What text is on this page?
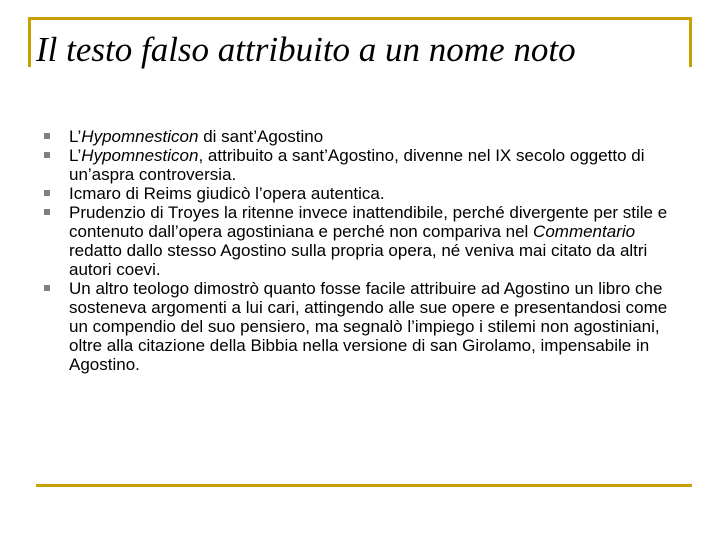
Il testo falso attribuito a un nome noto
L’Hypomnesticon di sant’Agostino
L’Hypomnesticon, attribuito a sant’Agostino, divenne nel IX secolo oggetto di un’aspra controversia.
Icmaro di Reims giudicò l’opera autentica.
Prudenzio di Troyes la ritenne invece inattendibile, perché divergente per stile e contenuto dall’opera agostiniana e perché non compariva nel Commentario redatto dallo stesso Agostino sulla propria opera, né veniva mai citato da altri autori coevi.
Un altro teologo dimostrò quanto fosse facile attribuire ad Agostino un libro che sosteneva argomenti a lui cari, attingendo alle sue opere e presentandosi come un compendio del suo pensiero, ma segnalò l’impiego i stilemi non agostiniani, oltre alla citazione della Bibbia nella versione di san Girolamo, impensabile in Agostino.
